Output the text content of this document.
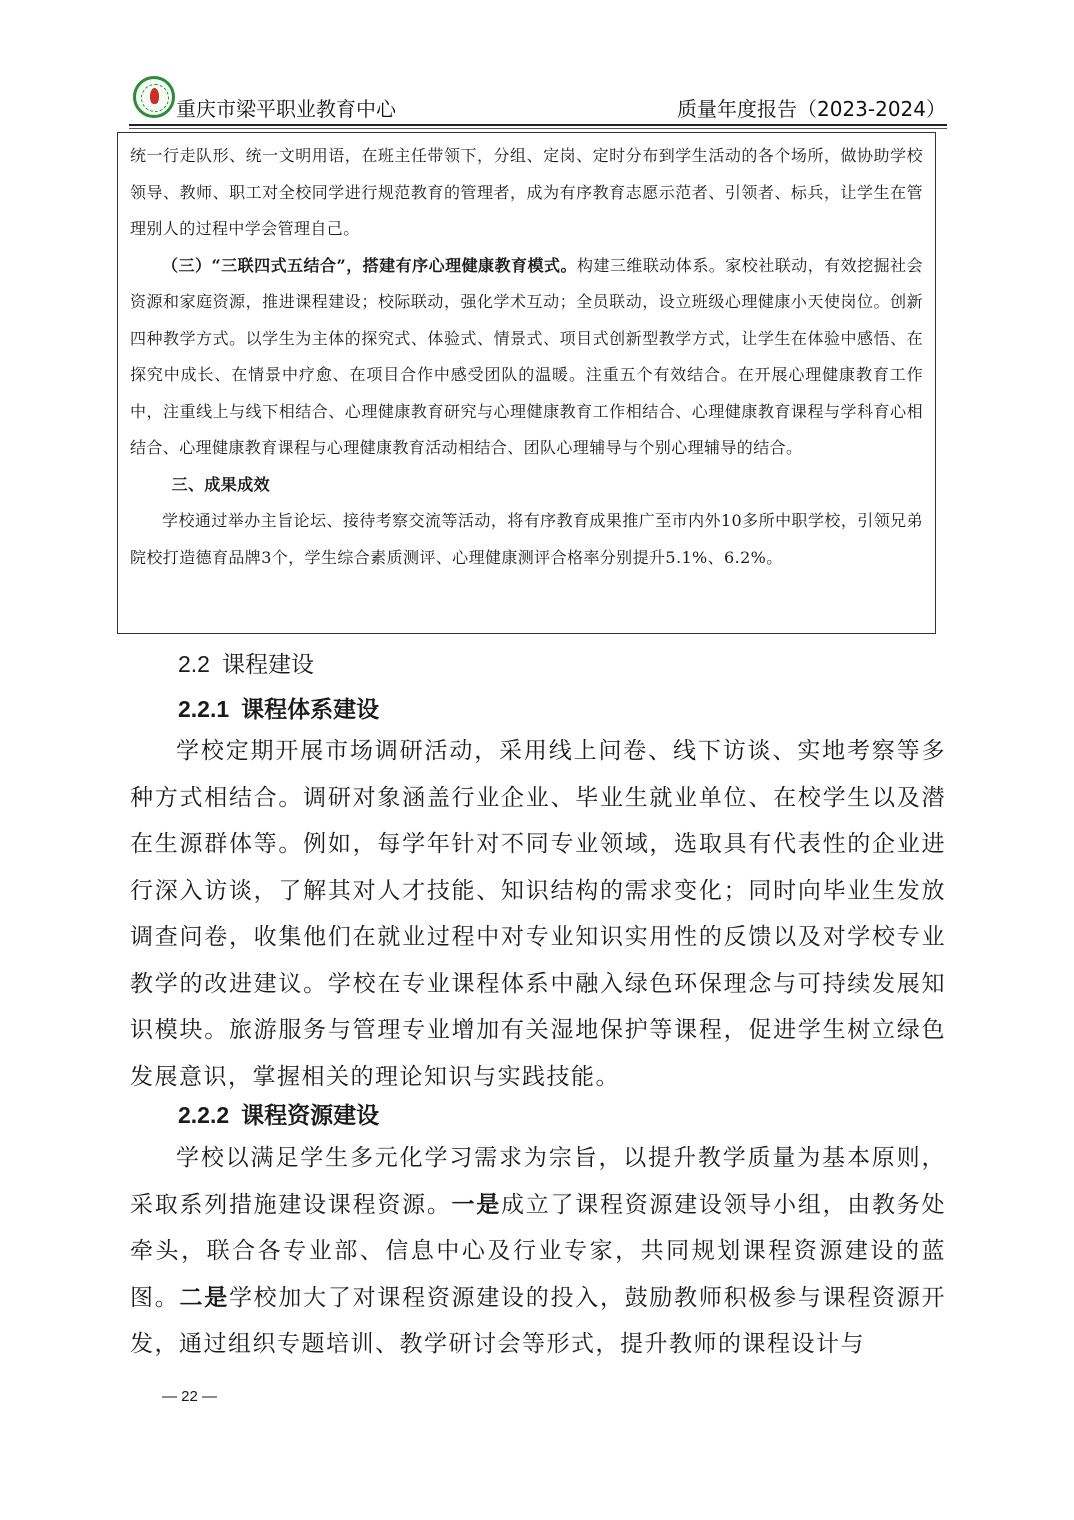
重庆市梁平职业教育中心	质量年度报告（2023-2024）

统一行走队形、统一文明用语，在班主任带领下，分组、定岗、定时分布到学生活动的各个场所，做协助学校领导、教师、职工对全校同学进行规范教育的管理者，成为有序教育志愿示范者、引领者、标兵，让学生在管理别人的过程中学会管理自己。

（三）“三联四式五结合”，搭建有序心理健康教育模式。构建三维联动体系。家校社联动，有效挖掘社会资源和家庭资源，推进课程建设；校际联动，强化学术互动；全员联动，设立班级心理健康小天使岗位。创新四种教学方式。以学生为主体的探究式、体验式、情景式、项目式创新型教学方式，让学生在体验中感悟、在探究中成长、在情景中疗愈、在项目合作中感受团队的温暖。注重五个有效结合。在开展心理健康教育工作中，注重线上与线下相结合、心理健康教育研究与心理健康教育工作相结合、心理健康教育课程与学科育心相结合、心理健康教育课程与心理健康教育活动相结合、团队心理辅导与个别心理辅导的结合。

三、成果成效

学校通过举办主旨论坛、接待考察交流等活动，将有序教育成果推广至市内外10多所中职学校，引领兄弟院校打造德育品牌3个，学生综合素质测评、心理健康测评合格率分别提升5.1%、6.2%。

2.2 课程建设
2.2.1 课程体系建设

学校定期开展市场调研活动，采用线上问卷、线下访谈、实地考察等多种方式相结合。调研对象涵盖行业企业、毕业生就业单位、在校学生以及潜在生源群体等。例如，每学年针对不同专业领域，选取具有代表性的企业进行深入访谈，了解其对人才技能、知识结构的需求变化；同时向毕业生发放调查问卷，收集他们在就业过程中对专业知识实用性的反馈以及对学校专业教学的改进建议。学校在专业课程体系中融入绿色环保理念与可持续发展知识模块。旅游服务与管理专业增加有关湿地保护等课程，促进学生树立绿色发展意识，掌握相关的理论知识与实践技能。

2.2.2 课程资源建设

学校以满足学生多元化学习需求为宗旨，以提升教学质量为基本原则，采取系列措施建设课程资源。一是成立了课程资源建设领导小组，由教务处牵头，联合各专业部、信息中心及行业专家，共同规划课程资源建设的蓝图。二是学校加大了对课程资源建设的投入，鼓励教师积极参与课程资源开发，通过组织专题培训、教学研讨会等形式，提升教师的课程设计与

— 22 —
